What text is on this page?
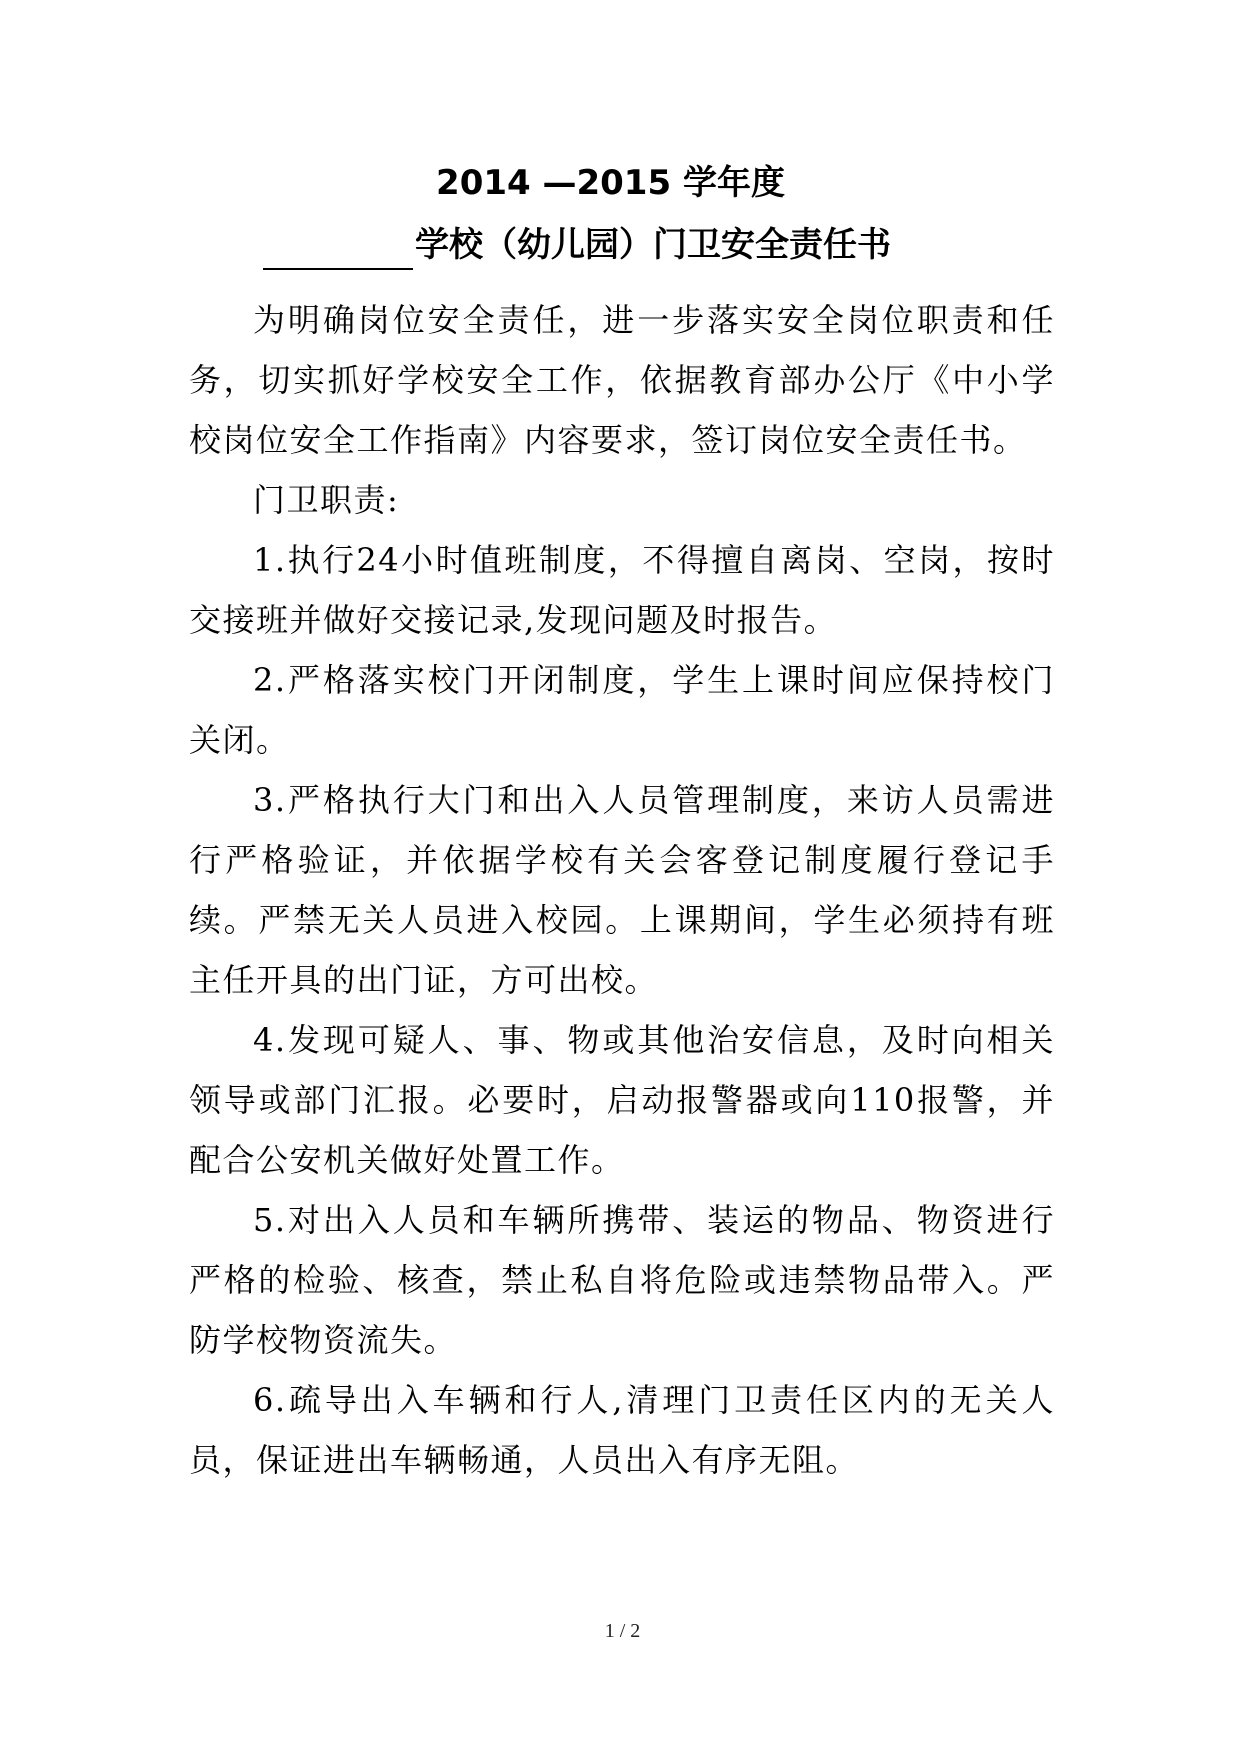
2014 —2015 学年度
学校（幼儿园）门卫安全责任书

为明确岗位安全责任，进一步落实安全岗位职责和任务，切实抓好学校安全工作，依据教育部办公厅《中小学校岗位安全工作指南》内容要求，签订岗位安全责任书。

门卫职责:

1.执行24小时值班制度，不得擅自离岗、空岗，按时交接班并做好交接记录,发现问题及时报告。

2.严格落实校门开闭制度，学生上课时间应保持校门关闭。

3.严格执行大门和出入人员管理制度，来访人员需进行严格验证，并依据学校有关会客登记制度履行登记手续。严禁无关人员进入校园。上课期间，学生必须持有班主任开具的出门证，方可出校。

4.发现可疑人、事、物或其他治安信息，及时向相关领导或部门汇报。必要时，启动报警器或向110报警，并配合公安机关做好处置工作。

5.对出入人员和车辆所携带、装运的物品、物资进行严格的检验、核查，禁止私自将危险或违禁物品带入。严防学校物资流失。

6.疏导出入车辆和行人,清理门卫责任区内的无关人员，保证进出车辆畅通，人员出入有序无阻。

1 / 2
